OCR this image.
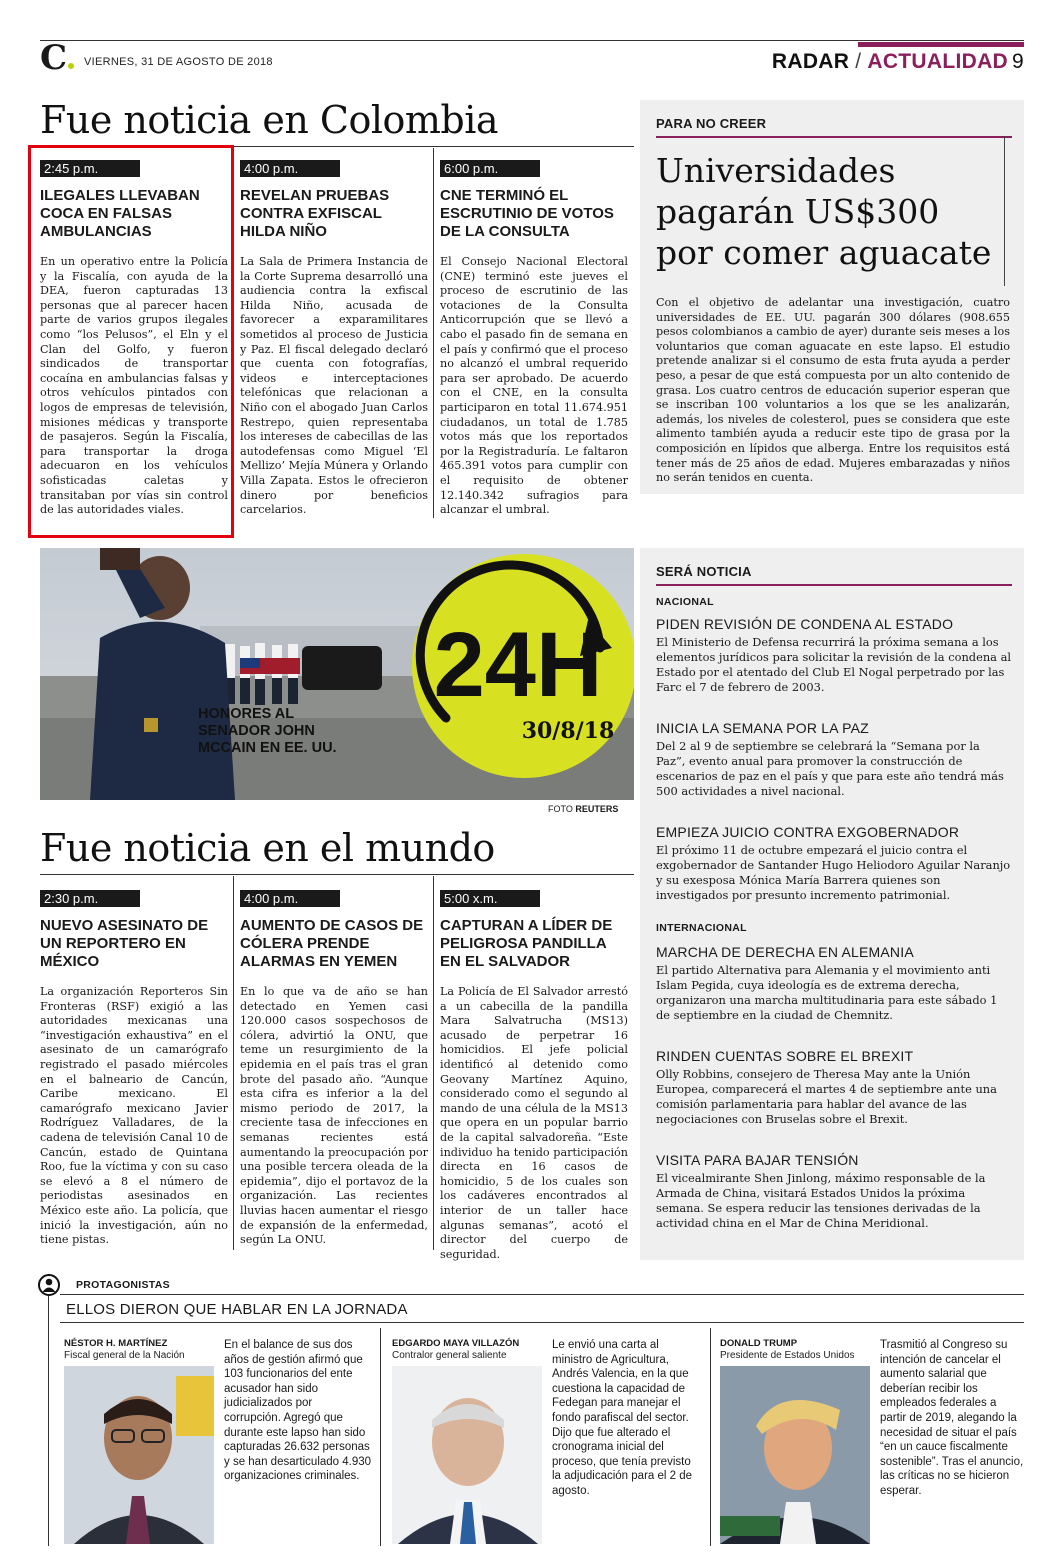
C	VIERNES, 31 DE AGOSTO DE 2018	RADAR / ACTUALIDAD 9
Fue noticia en Colombia
2:45 p.m.
ILEGALES LLEVABAN COCA EN FALSAS AMBULANCIAS
En un operativo entre la Policía y la Fiscalía, con ayuda de la DEA, fueron capturadas 13 personas que al parecer hacen parte de varios grupos ilegales como “los Pelusos”, el Eln y el Clan del Golfo, y fueron sindicados de transportar cocaína en ambulancias falsas y otros vehículos pintados con logos de empresas de televisión, misiones médicas y transporte de pasajeros. Según la Fiscalía, para transportar la droga adecuaron en los vehículos sofisticadas caletas y transitaban por vías sin control de las autoridades viales.
4:00 p.m.
REVELAN PRUEBAS CONTRA EXFISCAL HILDA NIÑO
La Sala de Primera Instancia de la Corte Suprema desarrolló una audiencia contra la exfiscal Hilda Niño, acusada de favorecer a exparamilitares sometidos al proceso de Justicia y Paz. El fiscal delegado declaró que cuenta con fotografías, videos e interceptaciones telefónicas que relacionan a Niño con el abogado Juan Carlos Restrepo, quien representaba los intereses de cabecillas de las autodefensas como Miguel ‘El Mellizo’ Mejía Múnera y Orlando Villa Zapata. Estos le ofrecieron dinero por beneficios carcelarios.
6:00 p.m.
CNE TERMINÓ EL ESCRUTINIO DE VOTOS DE LA CONSULTA
El Consejo Nacional Electoral (CNE) terminó este jueves el proceso de escrutinio de las votaciones de la Consulta Anticorrupción que se llevó a cabo el pasado fin de semana en el país y confirmó que el proceso no alcanzó el umbral requerido para ser aprobado. De acuerdo con el CNE, en la consulta participaron en total 11.674.951 ciudadanos, un total de 1.785 votos más que los reportados por la Registraduría. Le faltaron 465.391 votos para cumplir con el requisito de obtener 12.140.342 sufragios para alcanzar el umbral.
PARA NO CREER
Universidades pagarán US$300 por comer aguacate
Con el objetivo de adelantar una investigación, cuatro universidades de EE. UU. pagarán 300 dólares (908.655 pesos colombianos a cambio de ayer) durante seis meses a los voluntarios que coman aguacate en este lapso. El estudio pretende analizar si el consumo de esta fruta ayuda a perder peso, a pesar de que está compuesta por un alto contenido de grasa. Los cuatro centros de educación superior esperan que se inscriban 100 voluntarios a los que se les analizarán, además, los niveles de colesterol, pues se considera que este alimento también ayuda a reducir este tipo de grasa por la composición en lípidos que alberga. Entre los requisitos está tener más de 25 años de edad. Mujeres embarazadas y niños no serán tenidos en cuenta.
24H
30/8/18
HONORES AL SENADOR JOHN MCCAIN EN EE. UU.
FOTO REUTERS
SERÁ NOTICIA
NACIONAL
PIDEN REVISIÓN DE CONDENA AL ESTADO
El Ministerio de Defensa recurrirá la próxima semana a los elementos jurídicos para solicitar la revisión de la condena al Estado por el atentado del Club El Nogal perpetrado por las Farc el 7 de febrero de 2003.
INICIA LA SEMANA POR LA PAZ
Del 2 al 9 de septiembre se celebrará la “Semana por la Paz”, evento anual para promover la construcción de escenarios de paz en el país y que para este año tendrá más 500 actividades a nivel nacional.
EMPIEZA JUICIO CONTRA EXGOBERNADOR
El próximo 11 de octubre empezará el juicio contra el exgobernador de Santander Hugo Heliodoro Aguilar Naranjo y su exesposa Mónica María Barrera quienes son investigados por presunto incremento patrimonial.
INTERNACIONAL
MARCHA DE DERECHA EN ALEMANIA
El partido Alternativa para Alemania y el movimiento anti Islam Pegida, cuya ideología es de extrema derecha, organizaron una marcha multitudinaria para este sábado 1 de septiembre en la ciudad de Chemnitz.
RINDEN CUENTAS SOBRE EL BREXIT
Olly Robbins, consejero de Theresa May ante la Unión Europea, comparecerá el martes 4 de septiembre ante una comisión parlamentaria para hablar del avance de las negociaciones con Bruselas sobre el Brexit.
VISITA PARA BAJAR TENSIÓN
El vicealmirante Shen Jinlong, máximo responsable de la Armada de China, visitará Estados Unidos la próxima semana. Se espera reducir las tensiones derivadas de la actividad china en el Mar de China Meridional.
Fue noticia en el mundo
2:30 p.m.
NUEVO ASESINATO DE UN REPORTERO EN MÉXICO
La organización Reporteros Sin Fronteras (RSF) exigió a las autoridades mexicanas una “investigación exhaustiva” en el asesinato de un camarógrafo registrado el pasado miércoles en el balneario de Cancún, Caribe mexicano. El camarógrafo mexicano Javier Rodríguez Valladares, de la cadena de televisión Canal 10 de Cancún, estado de Quintana Roo, fue la víctima y con su caso se elevó a 8 el número de periodistas asesinados en México este año. La policía, que inició la investigación, aún no tiene pistas.
4:00 p.m.
AUMENTO DE CASOS DE CÓLERA PRENDE ALARMAS EN YEMEN
En lo que va de año se han detectado en Yemen casi 120.000 casos sospechosos de cólera, advirtió la ONU, que teme un resurgimiento de la epidemia en el país tras el gran brote del pasado año. “Aunque esta cifra es inferior a la del mismo periodo de 2017, la creciente tasa de infecciones en semanas recientes está aumentando la preocupación por una posible tercera oleada de la epidemia”, dijo el portavoz de la organización. Las recientes lluvias hacen aumentar el riesgo de expansión de la enfermedad, según La ONU.
5:00 x.m.
CAPTURAN A LÍDER DE PELIGROSA PANDILLA EN EL SALVADOR
La Policía de El Salvador arrestó a un cabecilla de la pandilla Mara Salvatrucha (MS13) acusado de perpetrar 16 homicidios. El jefe policial identificó al detenido como Geovany Martínez Aquino, considerado como el segundo al mando de una célula de la MS13 que opera en un popular barrio de la capital salvadoreña. “Este individuo ha tenido participación directa en 16 casos de homicidio, 5 de los cuales son los cadáveres encontrados al interior de un taller hace algunas semanas”, acotó el director del cuerpo de seguridad.
PROTAGONISTAS
ELLOS DIERON QUE HABLAR EN LA JORNADA
NÉSTOR H. MARTÍNEZ
Fiscal general de la Nación
En el balance de sus dos años de gestión afirmó que 103 funcionarios del ente acusador han sido judicializados por corrupción. Agregó que durante este lapso han sido capturadas 26.632 personas y se han desarticulado 4.930 organizaciones criminales.
EDGARDO MAYA VILLAZÓN
Contralor general saliente
Le envió una carta al ministro de Agricultura, Andrés Valencia, en la que cuestiona la capacidad de Fedegan para manejar el fondo parafiscal del sector. Dijo que fue alterado el cronograma inicial del proceso, que tenía previsto la adjudicación para el 2 de agosto.
DONALD TRUMP
Presidente de Estados Unidos
Trasmitió al Congreso su intención de cancelar el aumento salarial que deberían recibir los empleados federales a partir de 2019, alegando la necesidad de situar el país “en un cauce fiscalmente sostenible”. Tras el anuncio, las críticas no se hicieron esperar.
